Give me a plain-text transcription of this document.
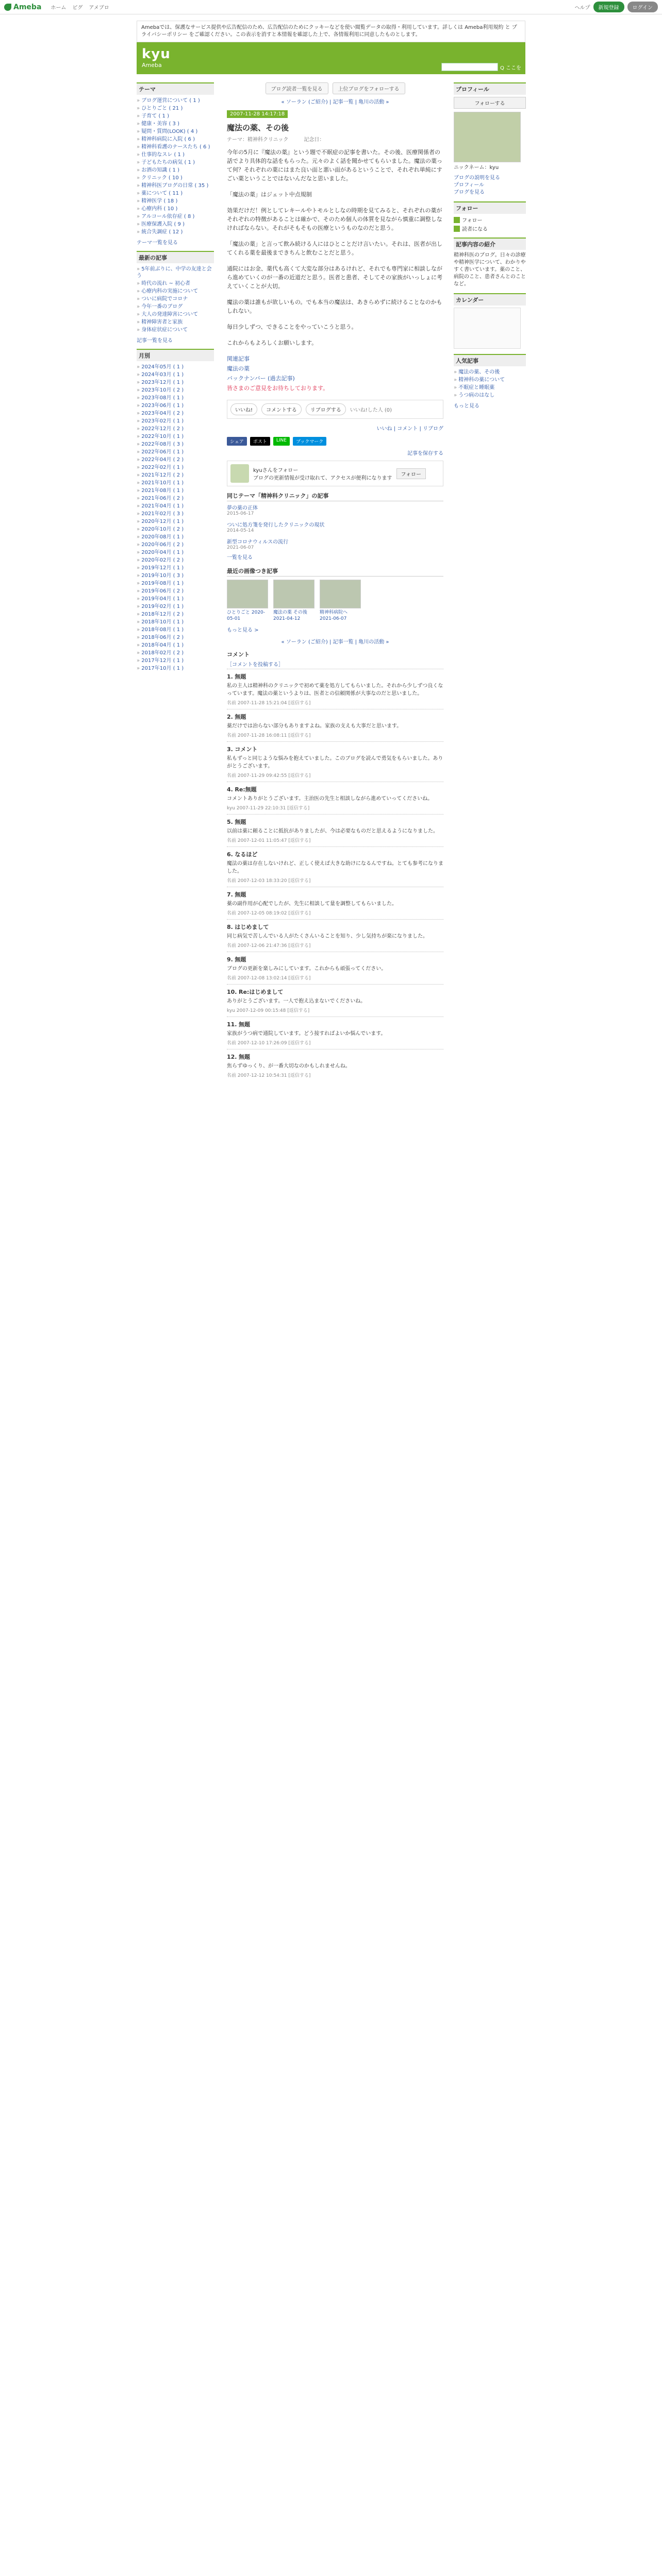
Ameba ホーム ピグ アメブロ	ヘルプ	新規登録	ログイン
Amebaでは、保護なサービス提供や広告配信のため、広告配信のためにクッキーなどを使い閲覧データの取得・利用しています。詳しくは Ameba利用規約 と プライバシーポリシー をご確認ください。この表示を消すと本情報を確認した上で、各情報利用に同意したものとします。
kyu
Ameba	Q ここを
テーマ
» ブログ運営について ( 1 )
» ひとりごと ( 21 )
» 子育て ( 1 )
» 健康・美容 ( 3 )
» 疑問・質問(LOOK) ( 4 )
» 精神科病院に入院 ( 6 )
» 精神科看護のナースたち ( 6 )
» 仕事的なスレ ( 1 )
» 子どもたちの病気 ( 1 )
» お酒の知識 ( 1 )
» クリニック ( 10 )
» 精神科医ブログの日常 ( 35 )
» 薬について ( 11 )
» 精神医学 ( 18 )
» 心療内科 ( 10 )
» アルコール依存症 ( 8 )
» 医療保護入院 ( 9 )
» 統合失調症 ( 12 )
テーマ一覧を見る
最新の記事
» 5年前ぶりに、中学の友達と会う
» 時代の流れ ~ 初心者
» 心療内科の実施について
» ついに病院でコロナ
» 今年一番のブログ
» 大人の発達障害について
» 精神障害者と家族
» 身体症状症について
記事一覧を見る
月別
» 2024年05月 ( 1 )
» 2024年03月 ( 1 )
» 2023年12月 ( 1 )
» 2023年10月 ( 2 )
» 2023年08月 ( 1 )
» 2023年06月 ( 1 )
» 2023年04月 ( 2 )
» 2023年02月 ( 1 )
» 2022年12月 ( 2 )
» 2022年10月 ( 1 )
» 2022年08月 ( 3 )
» 2022年06月 ( 1 )
» 2022年04月 ( 2 )
» 2022年02月 ( 1 )
» 2021年12月 ( 2 )
» 2021年10月 ( 1 )
» 2021年08月 ( 1 )
» 2021年06月 ( 2 )
» 2021年04月 ( 1 )
» 2021年02月 ( 3 )
» 2020年12月 ( 1 )
» 2020年10月 ( 2 )
» 2020年08月 ( 1 )
» 2020年06月 ( 2 )
» 2020年04月 ( 1 )
» 2020年02月 ( 2 )
» 2019年12月 ( 1 )
» 2019年10月 ( 3 )
» 2019年08月 ( 1 )
» 2019年06月 ( 2 )
» 2019年04月 ( 1 )
» 2019年02月 ( 1 )
» 2018年12月 ( 2 )
» 2018年10月 ( 1 )
» 2018年08月 ( 1 )
» 2018年06月 ( 2 )
» 2018年04月 ( 1 )
» 2018年02月 ( 2 )
» 2017年12月 ( 1 )
» 2017年10月 ( 1 )
ブログ読者一覧を見る	上位ブログをフォローする
« ソーラン (ご紹介) | 記事一覧 | 亀川の活動 »
2007-11-28 14:17:18
魔法の薬、その後
テーマ：精神科クリニック　　　記念日：

今年の5月に『魔法の薬』という題で不眠症の記事を書いた。その後、医療関係者の話でより具体的な話をもらった。元々のよく話を聞かせてもらいました。魔法の薬って何？それぞれの薬にはまた良い面と悪い面があるということで、それぞれ単純にすごい薬ということではないんだなと思いました。

「魔法の薬」はジェット中点規制

効果だけだ！例としてレキールやトモルとしなの時期を見てみると、それぞれの薬がそれぞれの特徴があることは確かで、そのため個人の体質を見ながら慎重に調整しなければならない。それがそもそもの医療というものなのだと思う。

「魔法の薬」と言って飲み続ける人にはひとことだけ言いたい。それは、医者が出してくれる薬を最後まできちんと飲むことだと思う。

通院にはお金、薬代も高くて大変な部分はあるけれど、それでも専門家に相談しながら進めていくのが一番の近道だと思う。医者と患者、そしてその家族がいっしょに考えていくことが大切。

魔法の薬は誰もが欲しいもの。でも本当の魔法は、あきらめずに続けることなのかもしれない。

毎日少しずつ、できることをやっていこうと思う。

これからもよろしくお願いします。

関連記事

魔法の薬

バックナンバー (過去記事)

皆さまのご意見をお待ちしております。

いいね!	コメントする	リブログする	いいね!した人 (0)
いいね | コメント | リブログ
シェア	ポスト	LINE	ブックマーク
記事を保存する
kyuさんをフォロー
ブログの更新情報が受け取れて、アクセスが便利になります
フォロー
同じテーマ「精神科クリニック」の記事
夢の薬の正体
2015-06-17
ついに処方箋を発行したクリニックの現状
2014-05-14
新型コロナウィルスの流行
2021-06-07
一覧を見る
最近の画像つき記事
ひとりごと 2020-05-01
魔法の薬 その後 2021-04-12
精神科病院へ 2021-06-07
もっと見る >
« ソーラン (ご紹介) | 記事一覧 | 亀川の活動 »
コメント
［コメントを投稿する］
1. 無題
私の主人は精神科のクリニックで初めて薬を処方してもらいました。それから少しずつ良くなっています。魔法の薬というよりは、医者との信頼関係が大事なのだと思いました。
名前 2007-11-28 15:21:04 [返信する]
2. 無題
薬だけでは治らない部分もありますよね。家族の支えも大事だと思います。
名前 2007-11-28 16:08:11 [返信する]
3. コメント
私もずっと同じような悩みを抱えていました。このブログを読んで勇気をもらいました。ありがとうございます。
名前 2007-11-29 09:42:55 [返信する]
4. Re:無題
コメントありがとうございます。主治医の先生と相談しながら進めていってくださいね。
kyu 2007-11-29 22:10:31 [返信する]
5. 無題
以前は薬に頼ることに抵抗がありましたが、今は必要なものだと思えるようになりました。
名前 2007-12-01 11:05:47 [返信する]
6. なるほど
魔法の薬は存在しないけれど、正しく使えば大きな助けになるんですね。とても参考になりました。
名前 2007-12-03 18:33:20 [返信する]
7. 無題
薬の副作用が心配でしたが、先生に相談して量を調整してもらいました。
名前 2007-12-05 08:19:02 [返信する]
8. はじめまして
同じ病気で苦しんでいる人がたくさんいることを知り、少し気持ちが楽になりました。
名前 2007-12-06 21:47:36 [返信する]
9. 無題
ブログの更新を楽しみにしています。これからも頑張ってください。
名前 2007-12-08 13:02:14 [返信する]
10. Re:はじめまして
ありがとうございます。一人で抱え込まないでくださいね。
kyu 2007-12-09 00:15:48 [返信する]
11. 無題
家族がうつ病で通院しています。どう接すればよいか悩んでいます。
名前 2007-12-10 17:26:09 [返信する]
12. 無題
焦らずゆっくり、が一番大切なのかもしれませんね。
名前 2007-12-12 10:54:31 [返信する]
プロフィール
フォローする
ニックネーム：kyu
ブログの説明を見る
プロフィール
ブログを見る
フォロー
フォロー
読者になる
記事内容の紹介
精神科医のブログ。日々の診療や精神医学について、わかりやすく書いています。薬のこと、病院のこと、患者さんとのことなど。
カレンダー
人気記事
» 魔法の薬、その後
» 精神科の薬について
» 不眠症と睡眠薬
» うつ病のはなし
もっと見る
